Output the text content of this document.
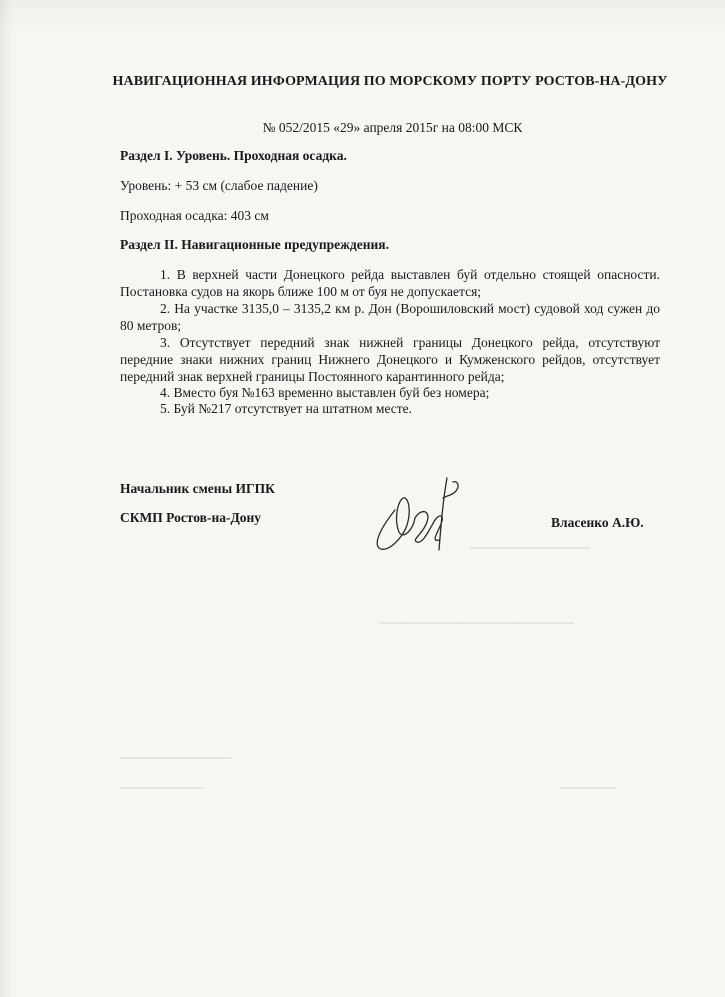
▁▁▁▁▁▁▁▁▁▁▁▁▁
▁▁▁▁▁▁▁▁▁▁▁▁▁▁▁▁▁▁▁▁▁
▁▁▁▁▁▁▁▁▁▁▁▁
▁▁▁▁▁▁▁▁▁	▁▁▁▁▁▁
НАВИГАЦИОННАЯ ИНФОРМАЦИЯ ПО МОРСКОМУ ПОРТУ РОСТОВ-НА-ДОНУ
№ 052/2015 «29» апреля 2015г на 08:00 МСК
Раздел I. Уровень. Проходная осадка.
Уровень: + 53 см (слабое падение)
Проходная осадка: 403 см
Раздел II. Навигационные предупреждения.
1. В верхней части Донецкого рейда выставлен буй отдельно стоящей опасности. Постановка судов на якорь ближе 100 м от буя не допускается;
2. На участке 3135,0 – 3135,2 км р. Дон (Ворошиловский мост) судовой ход сужен до 80 метров;
3. Отсутствует передний знак нижней границы Донецкого рейда, отсутствуют передние знаки нижних границ Нижнего Донецкого и Кумженского рейдов, отсутствует передний знак верхней границы Постоянного карантинного рейда;
4. Вместо буя №163 временно выставлен буй без номера;
5. Буй №217 отсутствует на штатном месте.
Начальник смены ИГПК
СКМП Ростов-на-Дону	Власенко А.Ю.
